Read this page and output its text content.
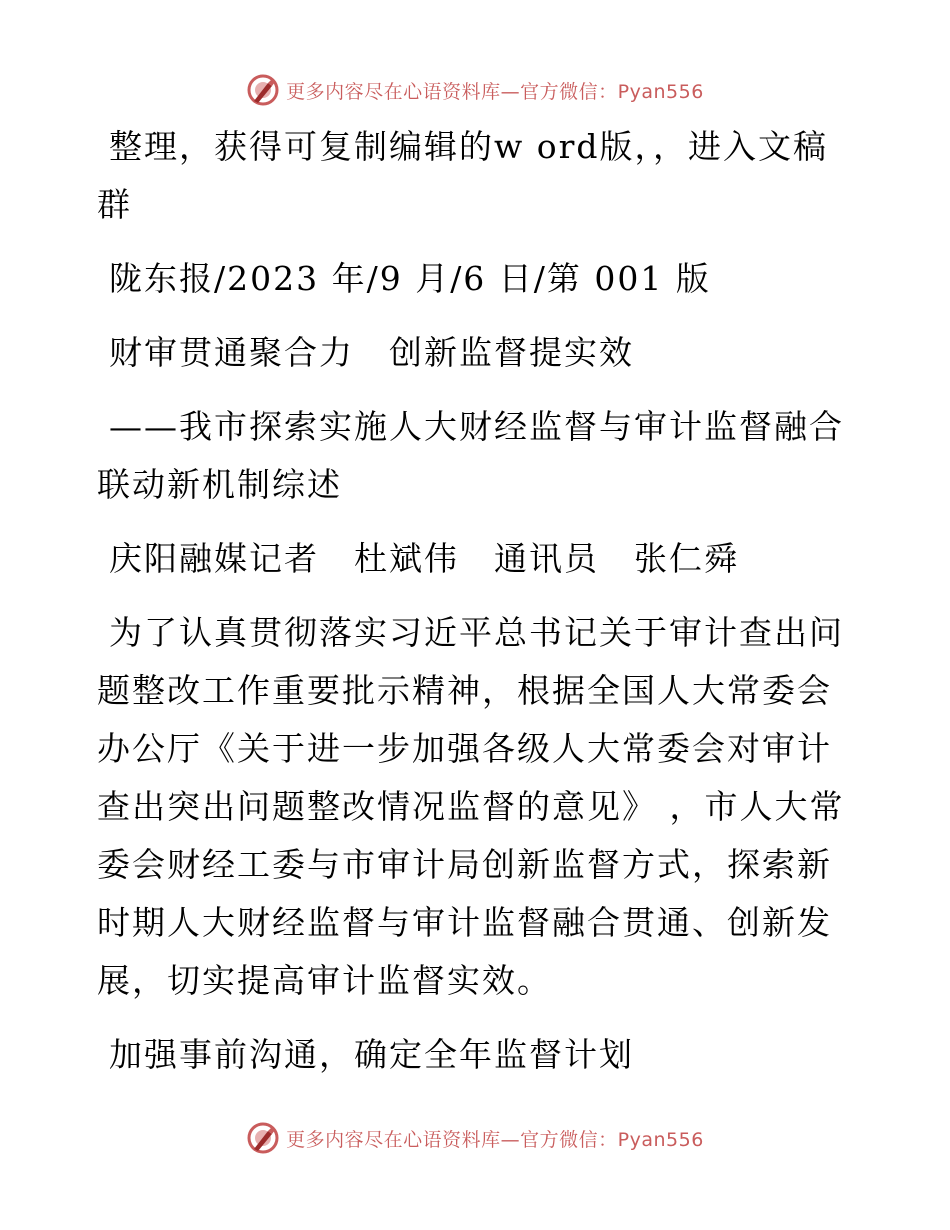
更多内容尽在心语资料库—官方微信：Pyan556

整理，获得可复制编辑的w ord版，，进入文稿群

陇东报/2023 年/9 月/6 日/第 001 版

财审贯通聚合力　创新监督提实效

——我市探索实施人大财经监督与审计监督融合联动新机制综述

庆阳融媒记者　杜斌伟　通讯员　张仁舜

为了认真贯彻落实习近平总书记关于审计查出问题整改工作重要批示精神，根据全国人大常委会办公厅《关于进一步加强各级人大常委会对审计查出突出问题整改情况监督的意见》 ，市人大常委会财经工委与市审计局创新监督方式，探索新时期人大财经监督与审计监督融合贯通、创新发展，切实提高审计监督实效。

加强事前沟通，确定全年监督计划

更多内容尽在心语资料库—官方微信：Pyan556
